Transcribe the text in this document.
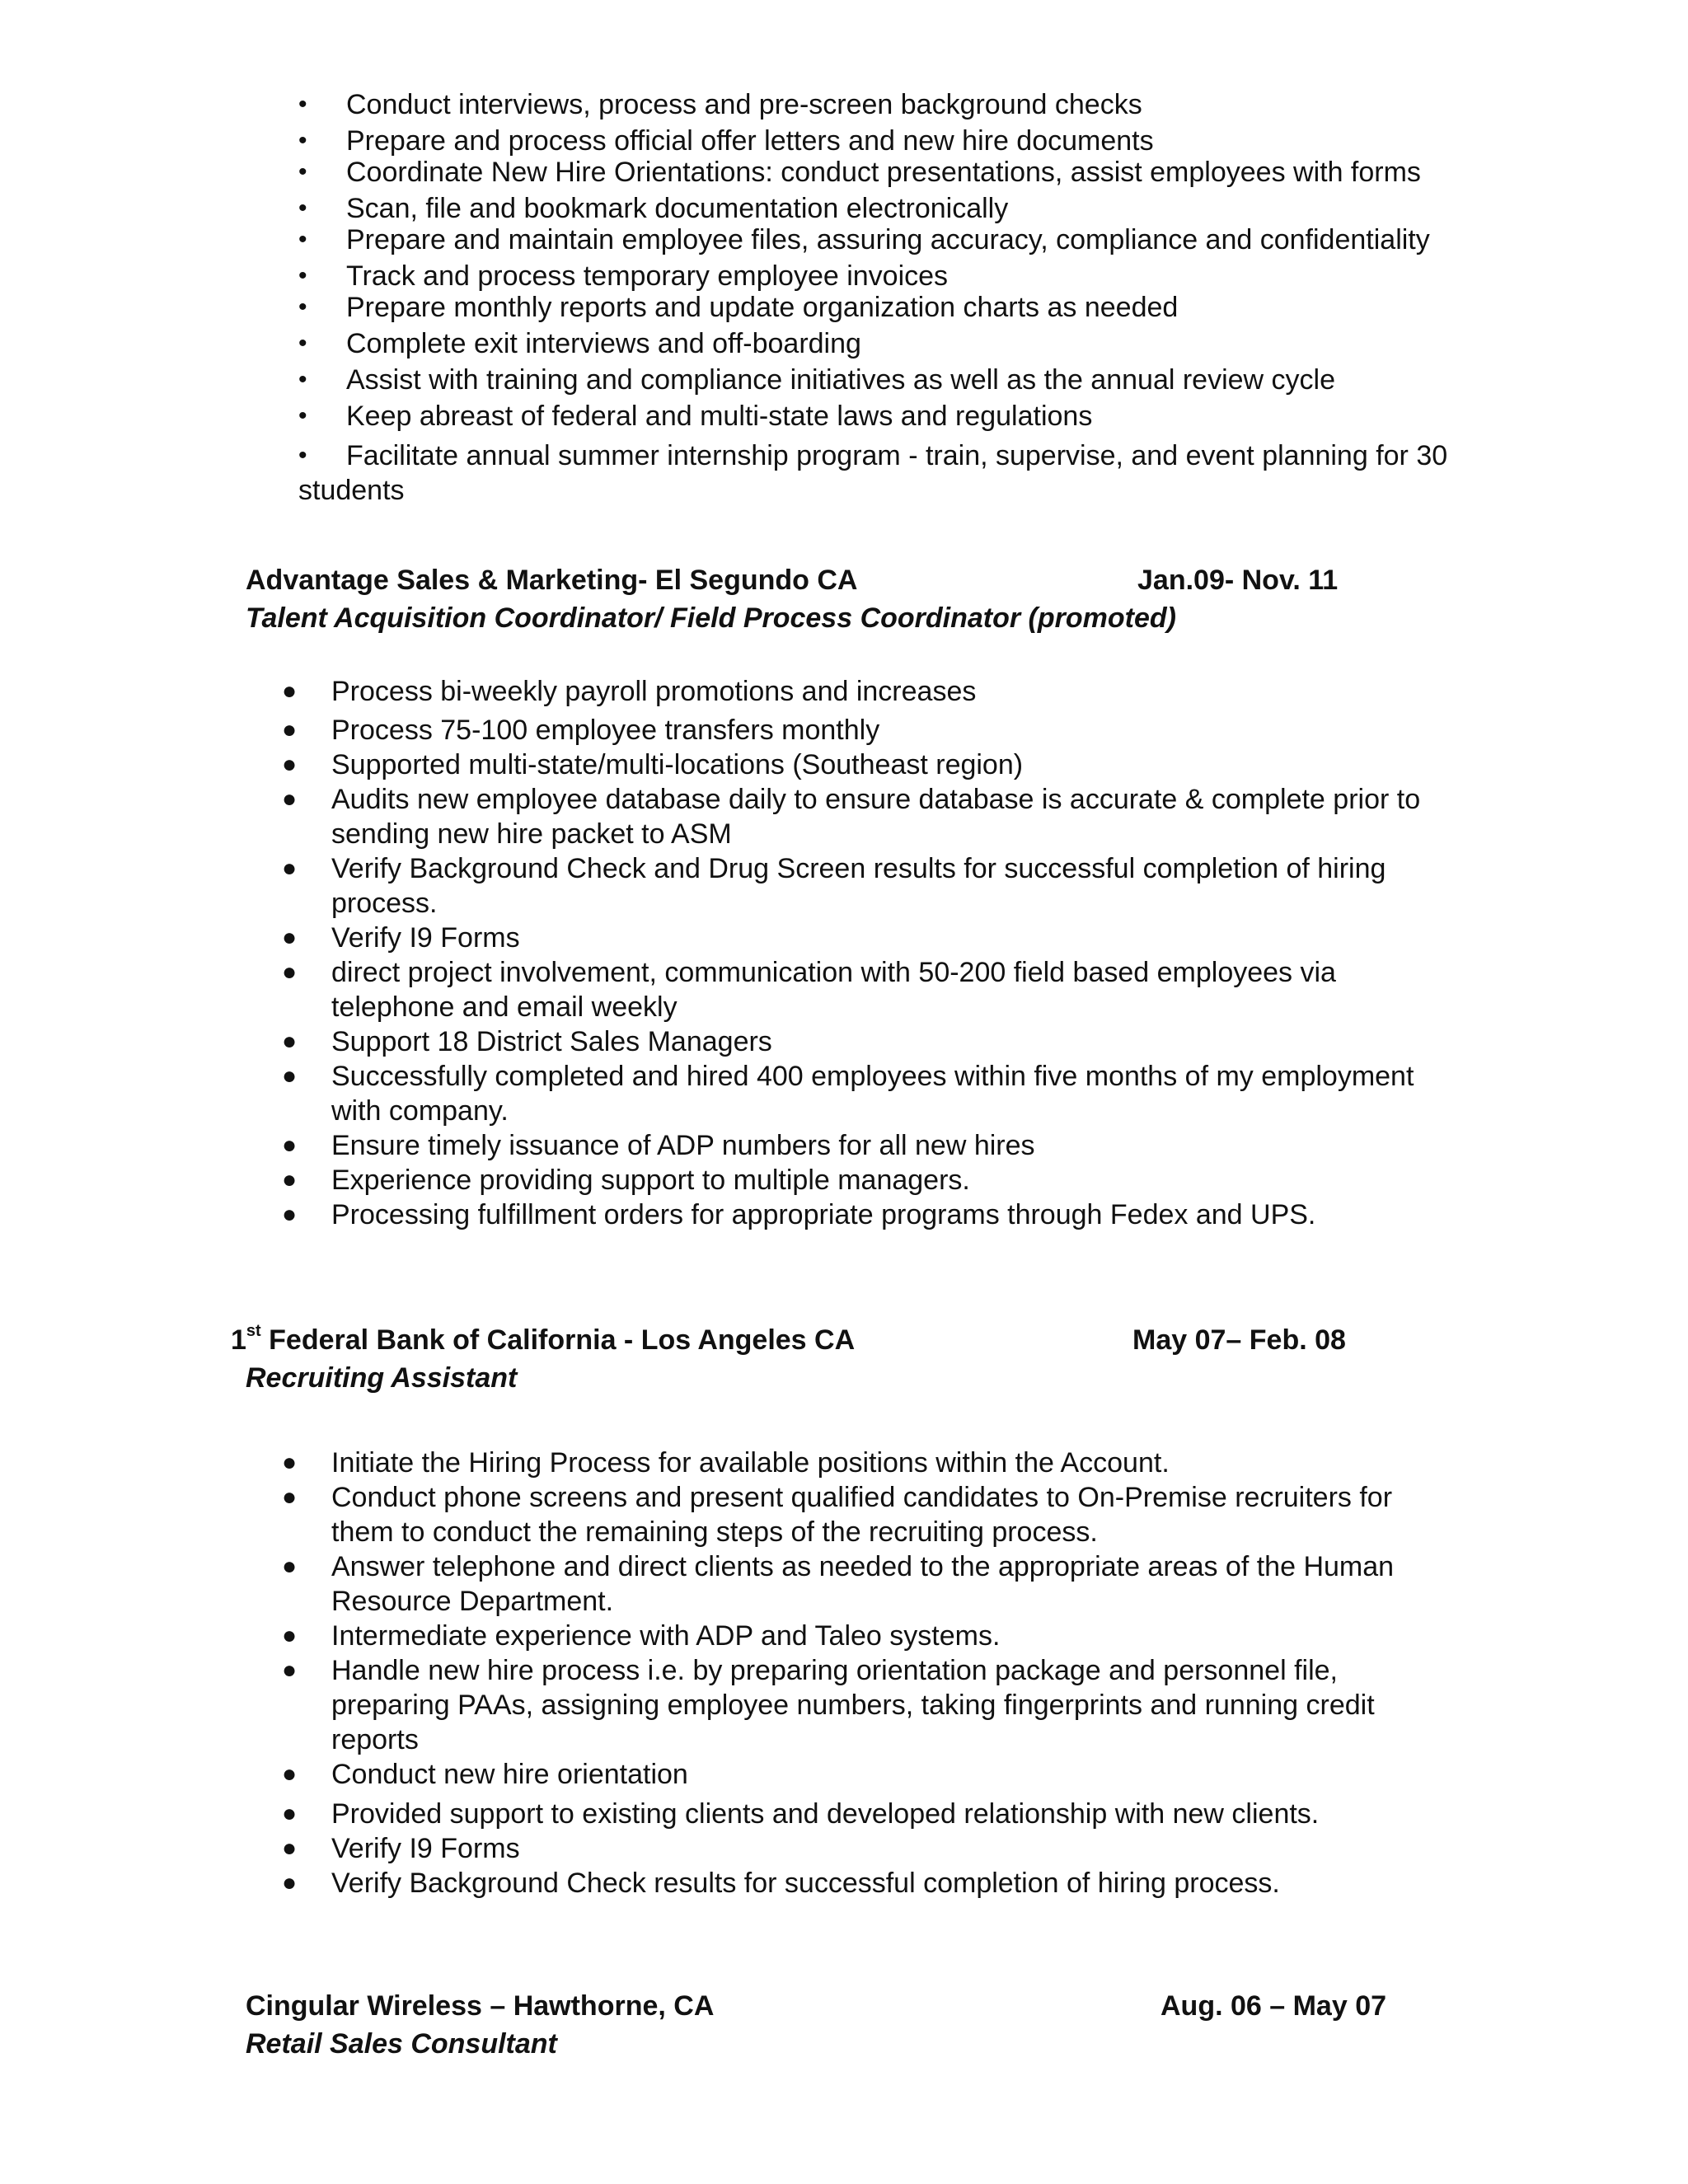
• Conduct interviews, process and pre-screen background checks
• Prepare and process official offer letters and new hire documents
• Coordinate New Hire Orientations: conduct presentations, assist employees with forms
• Scan, file and bookmark documentation electronically
• Prepare and maintain employee files, assuring accuracy, compliance and confidentiality
• Track and process temporary employee invoices
• Prepare monthly reports and update organization charts as needed
• Complete exit interviews and off-boarding
• Assist with training and compliance initiatives as well as the annual review cycle
• Keep abreast of federal and multi-state laws and regulations
• Facilitate annual summer internship program - train, supervise, and event planning for 30
students
Advantage Sales & Marketing- El Segundo CA	Jan.09- Nov. 11
Talent Acquisition Coordinator/ Field Process Coordinator (promoted)
● Process bi-weekly payroll promotions and increases
● Process 75-100 employee transfers monthly
● Supported multi-state/multi-locations (Southeast region)
● Audits new employee database daily to ensure database is accurate & complete prior to sending new hire packet to ASM
● Verify Background Check and Drug Screen results for successful completion of hiring process.
● Verify I9 Forms
● direct project involvement, communication with 50-200 field based employees via telephone and email weekly
● Support 18 District Sales Managers
● Successfully completed and hired 400 employees within five months of my employment with company.
● Ensure timely issuance of ADP numbers for all new hires
● Experience providing support to multiple managers.
● Processing fulfillment orders for appropriate programs through Fedex and UPS.
1st Federal Bank of California - Los Angeles CA	May 07– Feb. 08
Recruiting Assistant
● Initiate the Hiring Process for available positions within the Account.
● Conduct phone screens and present qualified candidates to On-Premise recruiters for them to conduct the remaining steps of the recruiting process.
● Answer telephone and direct clients as needed to the appropriate areas of the Human Resource Department.
● Intermediate experience with ADP and Taleo systems.
● Handle new hire process i.e. by preparing orientation package and personnel file, preparing PAAs, assigning employee numbers, taking fingerprints and running credit reports
● Conduct new hire orientation
● Provided support to existing clients and developed relationship with new clients.
● Verify I9 Forms
● Verify Background Check results for successful completion of hiring process.
Cingular Wireless – Hawthorne, CA	Aug. 06 – May 07
Retail Sales Consultant
